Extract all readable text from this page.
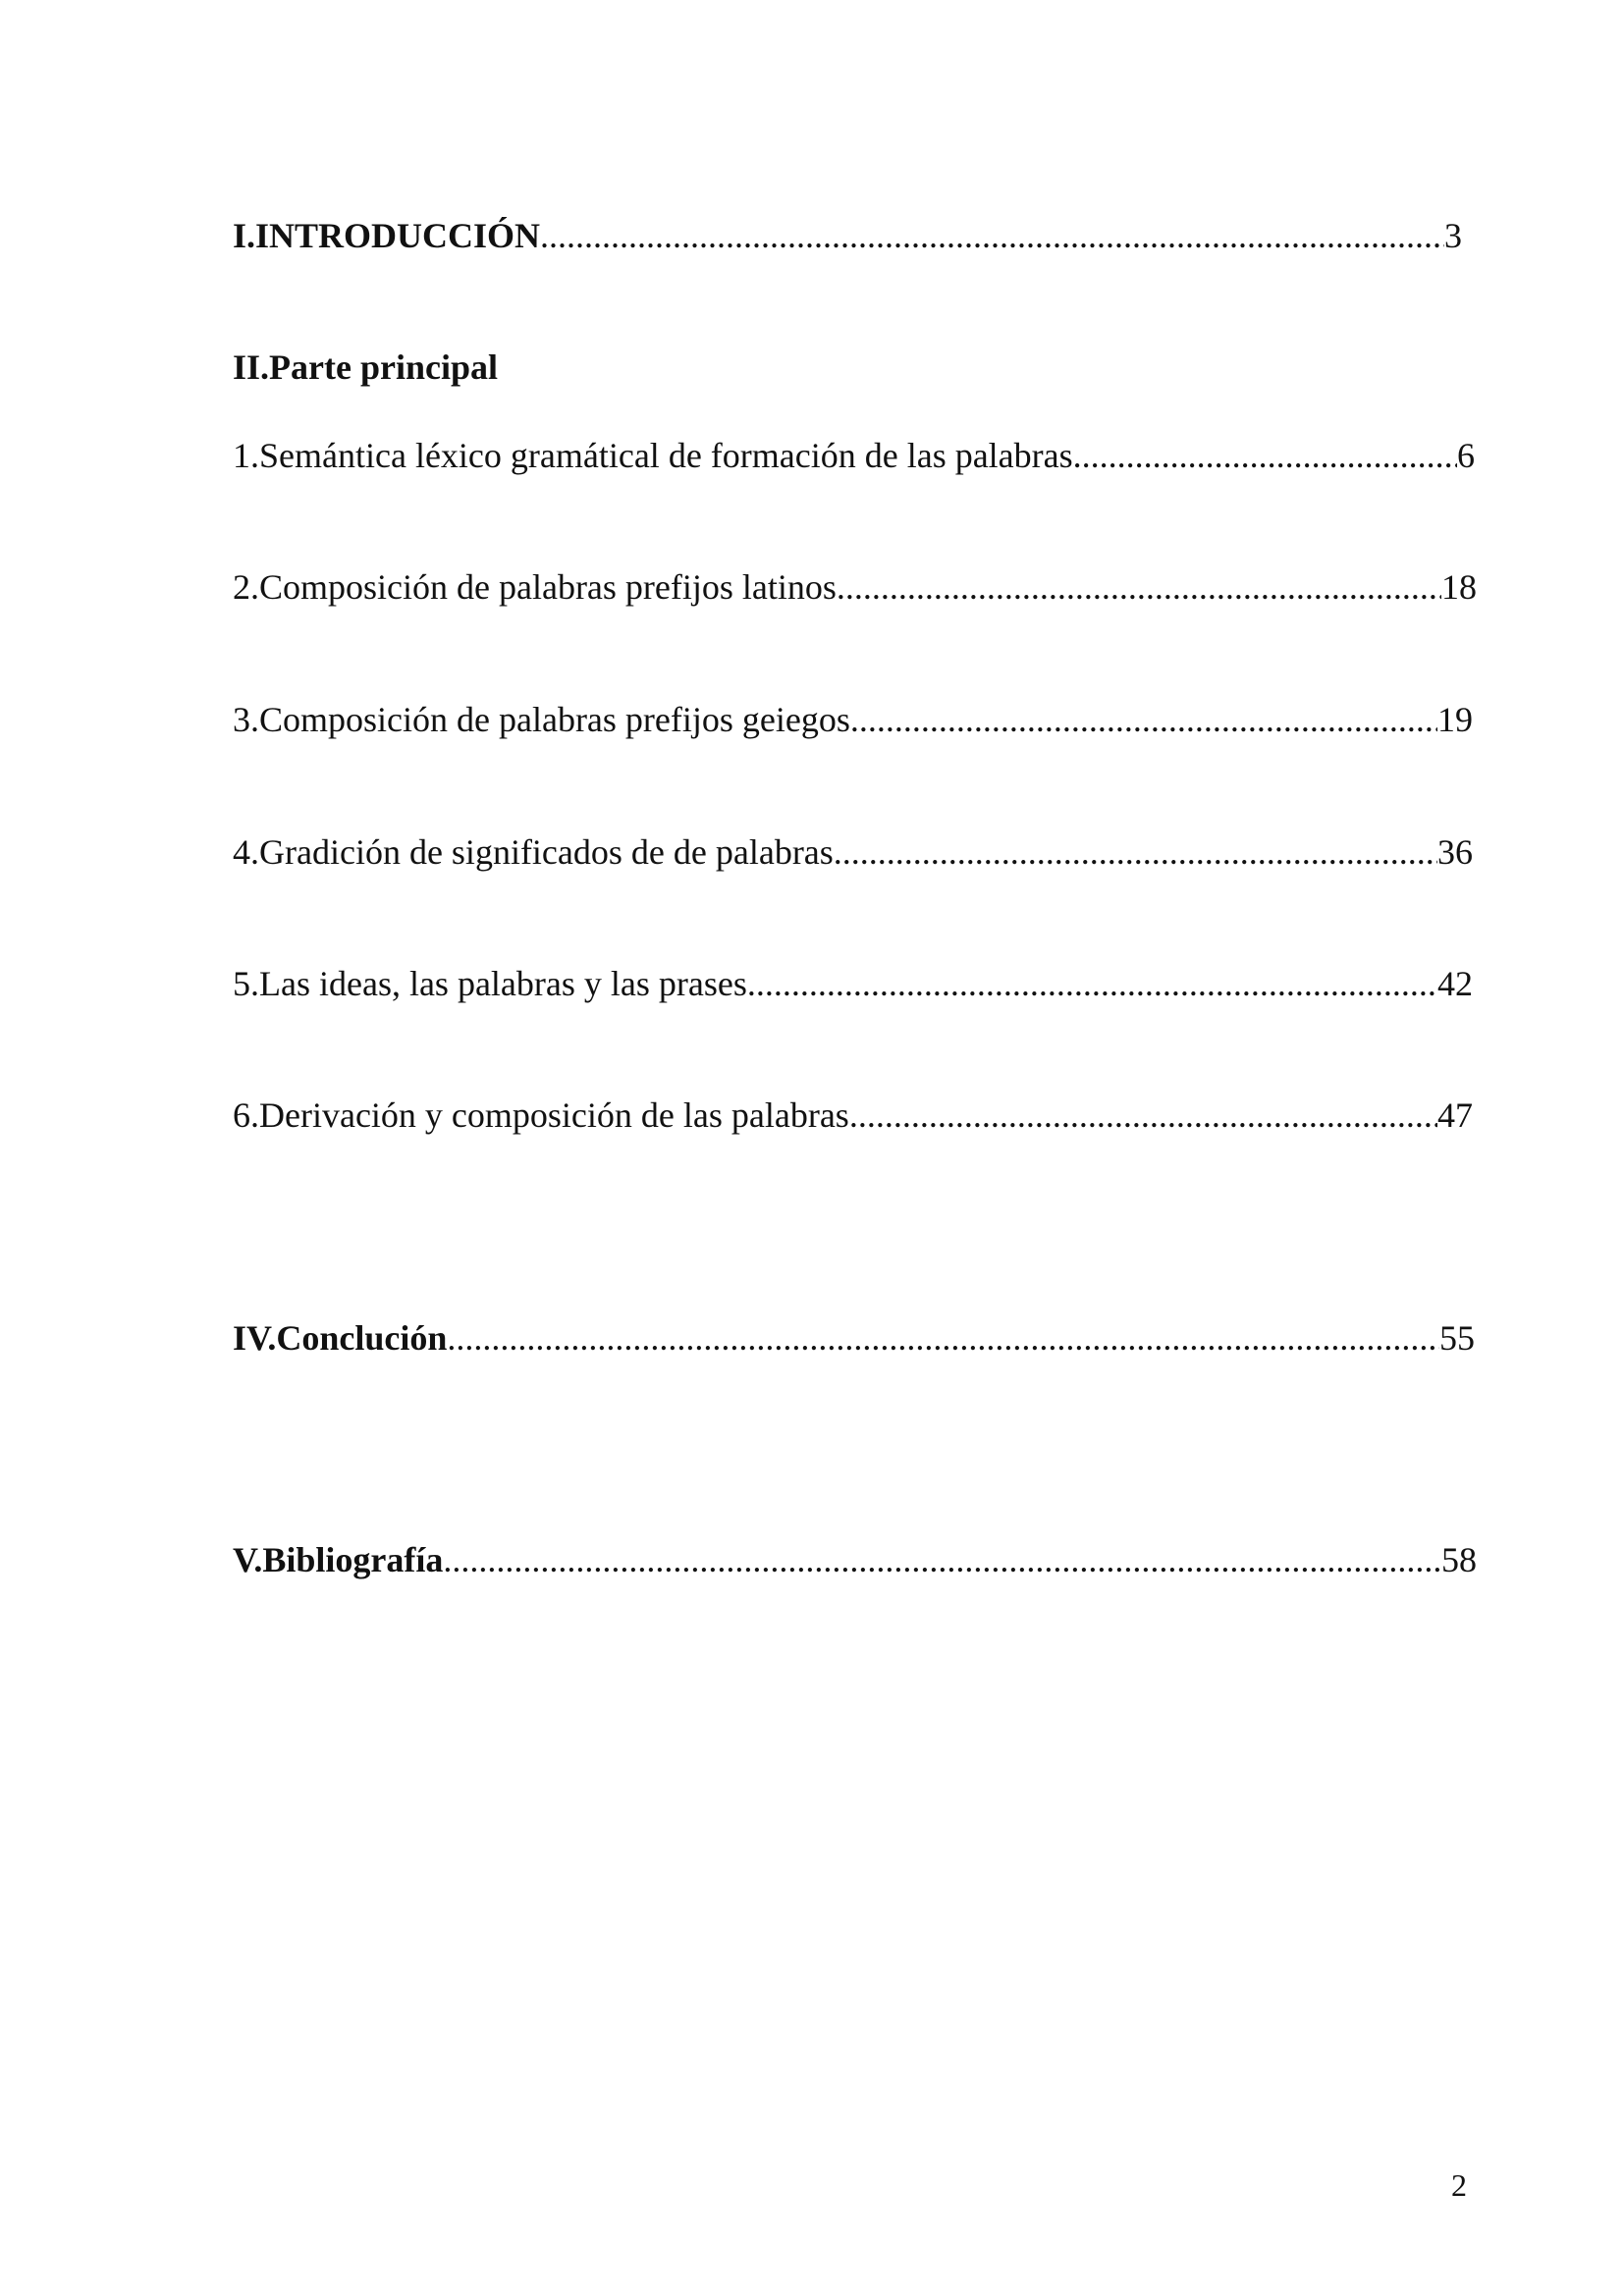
I.INTRODUCCIÓN .....	3
II.Parte principal
1.Semántica léxico gramátical de formación de las palabras .....	6
2.Composición de palabras prefijos latinos .....	18
3.Composición de palabras prefijos geiegos .....	19
4.Gradición de significados de de palabras .....	36
5.Las ideas, las palabras y las prases .....	42
6.Derivación y composición de las palabras .....	47
IV.Conclución .....	55
V.Bibliografía .....	58
2
